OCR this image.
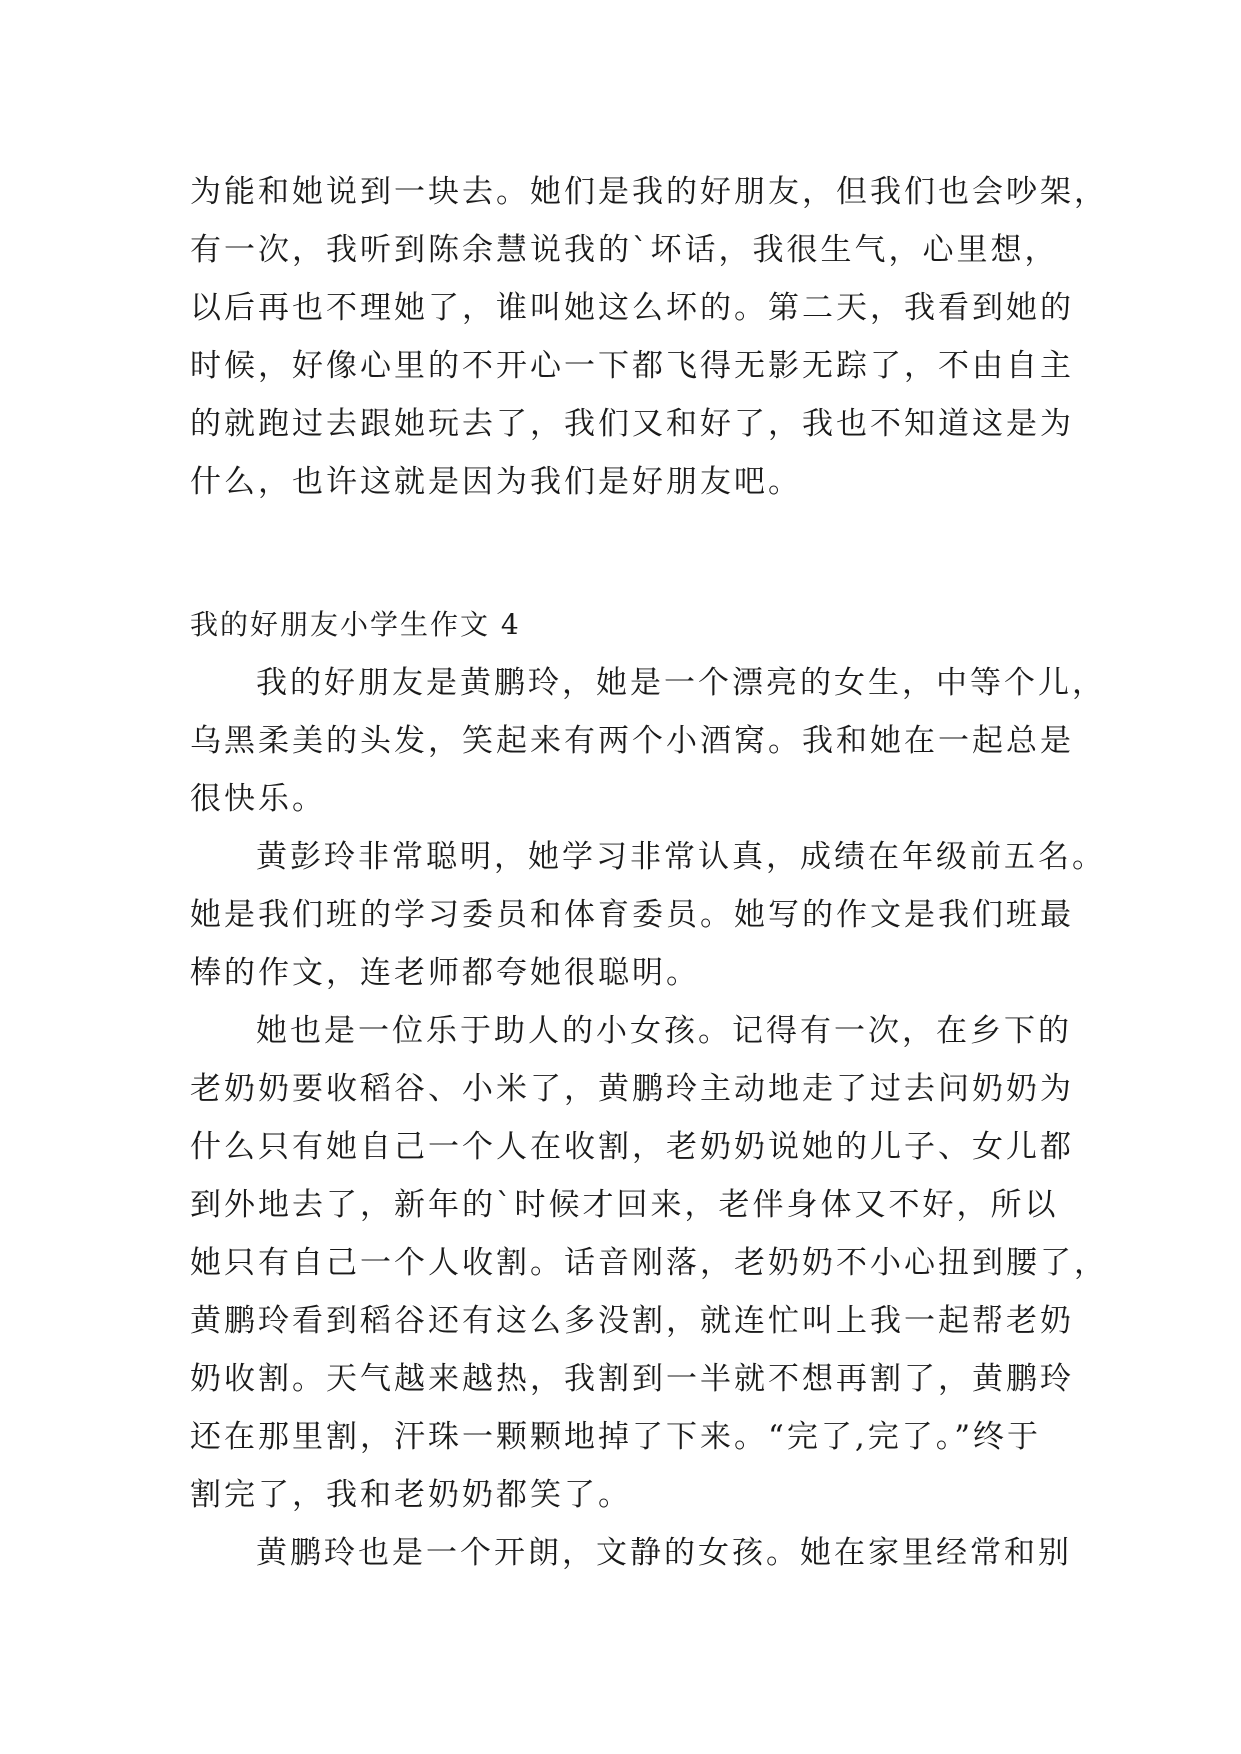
为能和她说到一块去。她们是我的好朋友，但我们也会吵架，
有一次，我听到陈余慧说我的`坏话，我很生气，心里想，
以后再也不理她了，谁叫她这么坏的。第二天，我看到她的
时候，好像心里的不开心一下都飞得无影无踪了，不由自主
的就跑过去跟她玩去了，我们又和好了，我也不知道这是为
什么，也许这就是因为我们是好朋友吧。
我的好朋友小学生作文 4
我的好朋友是黄鹏玲，她是一个漂亮的女生，中等个儿，
乌黑柔美的头发，笑起来有两个小酒窝。我和她在一起总是
很快乐。
黄彭玲非常聪明，她学习非常认真，成绩在年级前五名。
她是我们班的学习委员和体育委员。她写的作文是我们班最
棒的作文，连老师都夸她很聪明。
她也是一位乐于助人的小女孩。记得有一次，在乡下的
老奶奶要收稻谷、小米了，黄鹏玲主动地走了过去问奶奶为
什么只有她自己一个人在收割，老奶奶说她的儿子、女儿都
到外地去了，新年的`时候才回来，老伴身体又不好，所以
她只有自己一个人收割。话音刚落，老奶奶不小心扭到腰了，
黄鹏玲看到稻谷还有这么多没割，就连忙叫上我一起帮老奶
奶收割。天气越来越热，我割到一半就不想再割了，黄鹏玲
还在那里割，汗珠一颗颗地掉了下来。“完了,完了。”终于
割完了，我和老奶奶都笑了。
黄鹏玲也是一个开朗，文静的女孩。她在家里经常和别
